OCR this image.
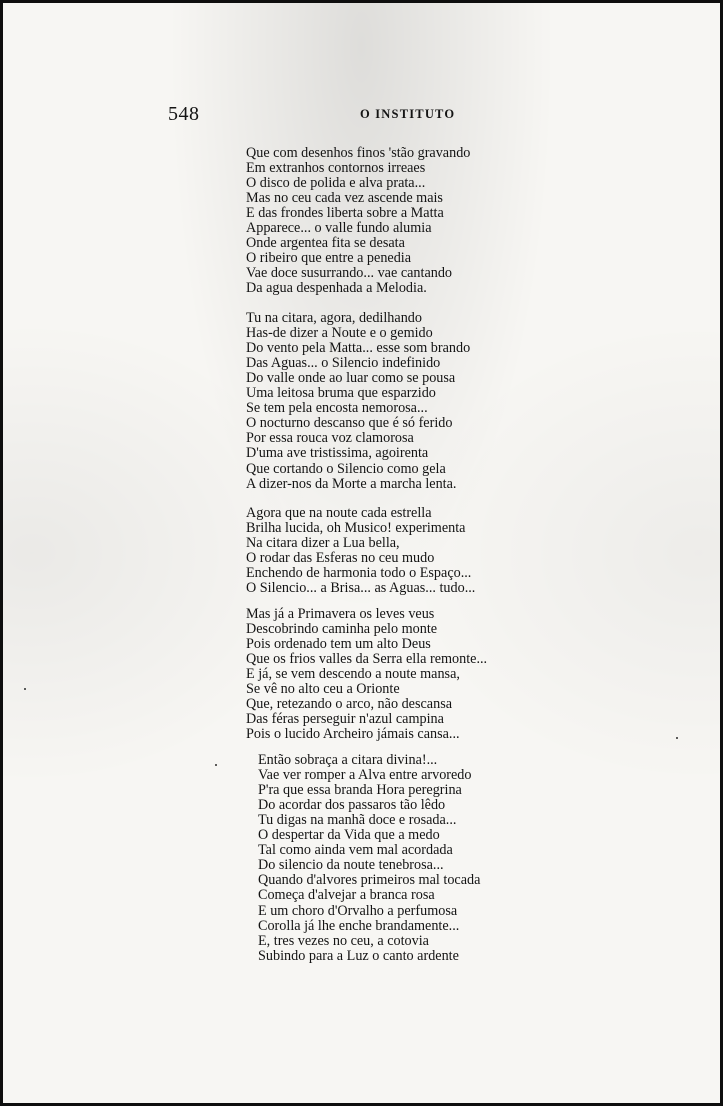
548	O INSTITUTO
Que com desenhos finos 'stão gravando
Em extranhos contornos irreaes
O disco de polida e alva prata...
Mas no ceu cada vez ascende mais
E das frondes liberta sobre a Matta
Apparece... o valle fundo alumia
Onde argentea fita se desata
O ribeiro que entre a penedia
Vae doce susurrando... vae cantando
Da agua despenhada a Melodia.
Tu na citara, agora, dedilhando
Has-de dizer a Noute e o gemido
Do vento pela Matta... esse som brando
Das Aguas... o Silencio indefinido
Do valle onde ao luar como se pousa
Uma leitosa bruma que esparzido
Se tem pela encosta nemorosa...
O nocturno descanso que é só ferido
Por essa rouca voz clamorosa
D'uma ave tristissima, agoirenta
Que cortando o Silencio como gela
A dizer-nos da Morte a marcha lenta.
Agora que na noute cada estrella
Brilha lucida, oh Musico! experimenta
Na citara dizer a Lua bella,
O rodar das Esferas no ceu mudo
Enchendo de harmonia todo o Espaço...
O Silencio... a Brisa... as Aguas... tudo...
Mas já a Primavera os leves veus
Descobrindo caminha pelo monte
Pois ordenado tem um alto Deus
Que os frios valles da Serra ella remonte...
E já, se vem descendo a noute mansa,
Se vê no alto ceu a Orionte
Que, retezando o arco, não descansa
Das féras perseguir n'azul campina
Pois o lucido Archeiro jámais cansa...
Então sobraça a citara divina!...
Vae ver romper a Alva entre arvoredo
P'ra que essa branda Hora peregrina
Do acordar dos passaros tão lêdo
Tu digas na manhã doce e rosada...
O despertar da Vida que a medo
Tal como ainda vem mal acordada
Do silencio da noute tenebrosa...
Quando d'alvores primeiros mal tocada
Começa d'alvejar a branca rosa
E um choro d'Orvalho a perfumosa
Corolla já lhe enche brandamente...
E, tres vezes no ceu, a cotovia
Subindo para a Luz o canto ardente
